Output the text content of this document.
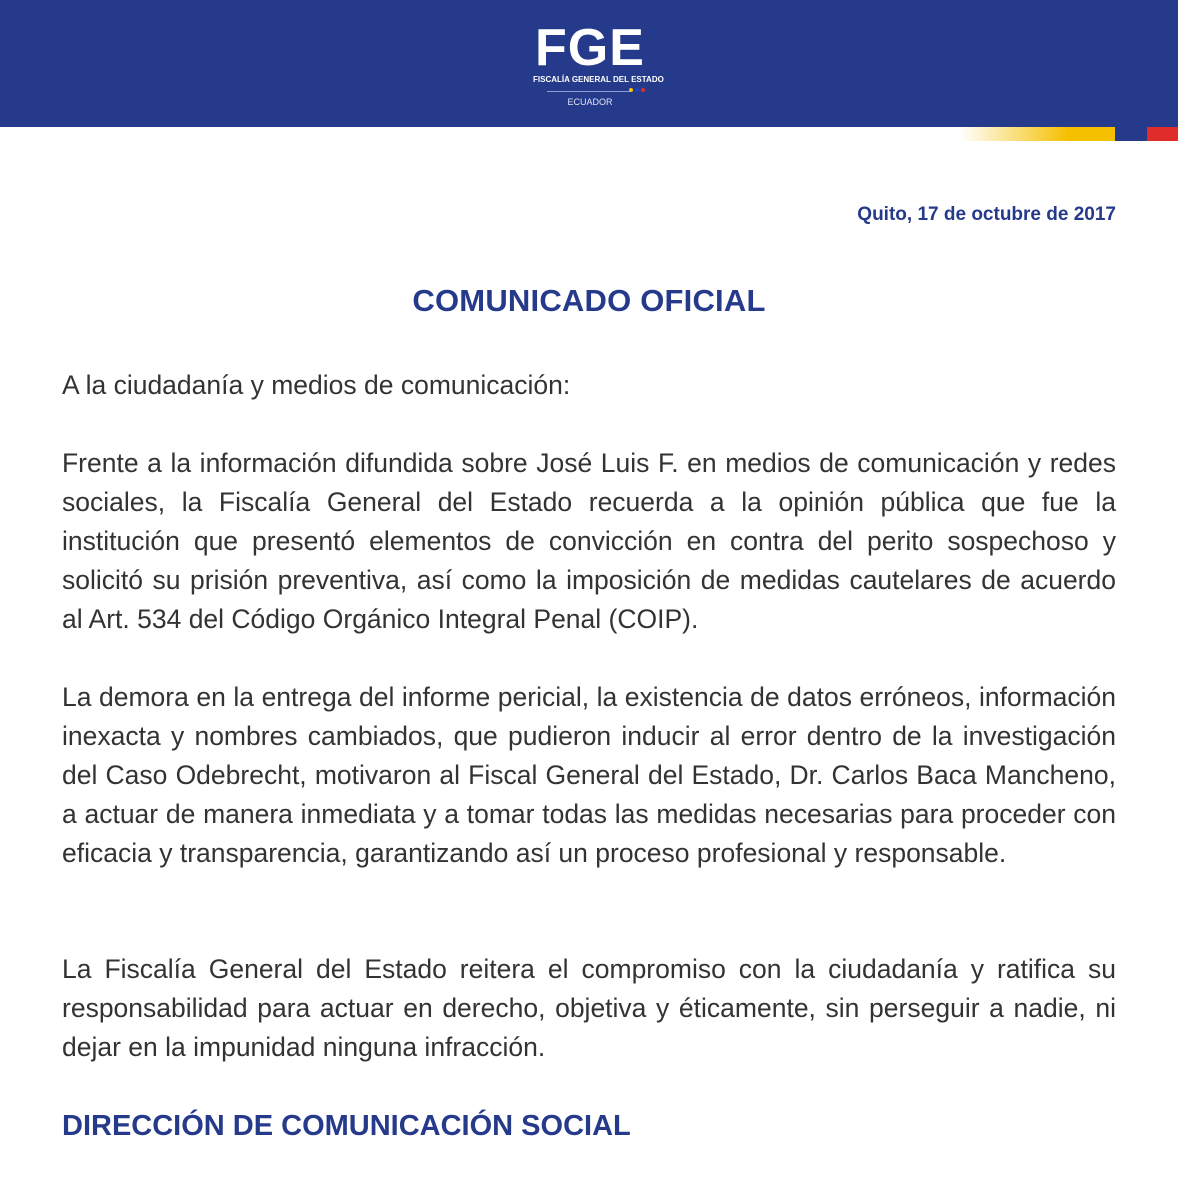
FGE
FISCALÍA GENERAL DEL ESTADO
ECUADOR
Quito, 17 de octubre de 2017
COMUNICADO OFICIAL
A la ciudadanía y medios de comunicación:
Frente a la información difundida sobre José Luis F. en medios de comunicación y redes sociales, la Fiscalía General del Estado recuerda a la opinión pública que fue la institución que presentó elementos de convicción en contra del perito sospechoso y solicitó su prisión preventiva, así como la imposición de medidas cautelares de acuerdo al Art. 534 del Código Orgánico Integral Penal (COIP).
La demora en la entrega del informe pericial, la existencia de datos erróneos, información inexacta y nombres cambiados, que pudieron inducir al error dentro de la investigación del Caso Odebrecht, motivaron al Fiscal General del Estado, Dr. Carlos Baca Mancheno, a actuar de manera inmediata y a tomar todas las medidas necesarias para proceder con eficacia y transparencia, garantizando así un proceso profesional y responsable.
La Fiscalía General del Estado reitera el compromiso con la ciudadanía y ratifica su responsabilidad para actuar en derecho, objetiva y éticamente, sin perseguir a nadie, ni dejar en la impunidad ninguna infracción.
DIRECCIÓN DE COMUNICACIÓN SOCIAL
